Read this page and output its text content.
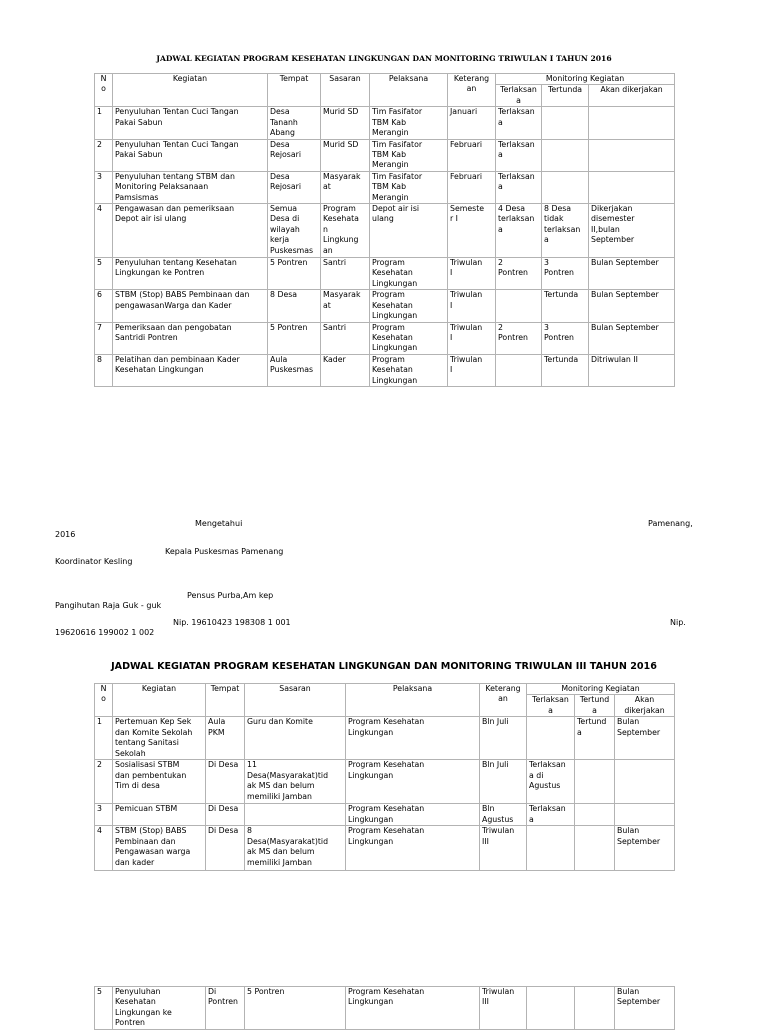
JADWAL KEGIATAN PROGRAM KESEHATAN LINGKUNGAN DAN MONITORING TRIWULAN I TAHUN 2016
N
o	Kegiatan	Tempat	Sasaran	Pelaksana	Keterang
an	Monitoring Kegiatan		
						Terlaksan
a	Tertunda	Akan dikerjakan
1	Penyuluhan Tentan Cuci Tangan
Pakai Sabun	Desa
Tananh
Abang	Murid SD	Tim Fasifator
TBM Kab
Merangin	Januari	Terlaksan
a		
2	Penyuluhan Tentan Cuci Tangan
Pakai Sabun	Desa
Rejosari	Murid SD	Tim Fasifator
TBM Kab
Merangin	Februari	Terlaksan
a		
3	Penyuluhan tentang STBM dan
Monitoring Pelaksanaan
Pamsismas	Desa
Rejosari	Masyarak
at	Tim Fasifator
TBM Kab
Merangin	Februari	Terlaksan
a		
4	Pengawasan dan pemeriksaan
Depot air isi ulang	Semua
Desa di
wilayah
kerja
Puskesmas	Program
Kesehata
n
Lingkung
an	Depot air isi
ulang	Semeste
r I	4 Desa
terlaksan
a	8 Desa
tidak
terlaksan
a	Dikerjakan
disemester
II,bulan
September
5	Penyuluhan tentang Kesehatan
Lingkungan ke Pontren	5 Pontren	Santri	Program
Kesehatan
Lingkungan	Triwulan
I	2
Pontren	3
Pontren	Bulan September
6	STBM (Stop) BABS Pembinaan dan
pengawasanWarga dan Kader	8 Desa	Masyarak
at	Program
Kesehatan
Lingkungan	Triwulan
I		Tertunda	Bulan September
7	Pemeriksaan dan pengobatan
Santridi Pontren	5 Pontren	Santri	Program
Kesehatan
Lingkungan	Triwulan
I	2
Pontren	3
Pontren	Bulan September
8	Pelatihan dan pembinaan Kader
Kesehatan Lingkungan	Aula
Puskesmas	Kader	Program
Kesehatan
Lingkungan	Triwulan
I		Tertunda	Ditriwulan II
Mengetahui	Pamenang,
2016
Kepala Puskesmas Pamenang
Koordinator Kesling
Pensus Purba,Am kep
Pangihutan Raja Guk - guk
Nip. 19610423 198308 1 001	Nip.
19620616 199002 1 002
JADWAL KEGIATAN PROGRAM KESEHATAN LINGKUNGAN DAN MONITORING TRIWULAN III TAHUN 2016
N
o	Kegiatan	Tempat	Sasaran	Pelaksana	Keterang
an	Monitoring Kegiatan		
						Terlaksan
a	Tertund
a	Akan
dikerjakan
1	Pertemuan Kep Sek
dan Komite Sekolah
tentang Sanitasi
Sekolah	Aula
PKM	Guru dan Komite	Program Kesehatan
Lingkungan	Bln Juli		Tertund
a	Bulan
September
2	Sosialisasi STBM
dan pembentukan
Tim di desa	Di Desa	11
Desa(Masyarakat)tid
ak MS dan belum
memiliki Jamban	Program Kesehatan
Lingkungan	Bln Juli	Terlaksan
a di
Agustus		
3	Pemicuan STBM	Di Desa		Program Kesehatan
Lingkungan	Bln
Agustus	Terlaksan
a		
4	STBM (Stop) BABS
Pembinaan dan
Pengawasan warga
dan kader	Di Desa	8
Desa(Masyarakat)tid
ak MS dan belum
memiliki Jamban	Program Kesehatan
Lingkungan	Triwulan
III			Bulan
September
5	Penyuluhan
Kesehatan
Lingkungan ke
Pontren	Di
Pontren	5 Pontren	Program Kesehatan
Lingkungan	Triwulan
III			Bulan
September
